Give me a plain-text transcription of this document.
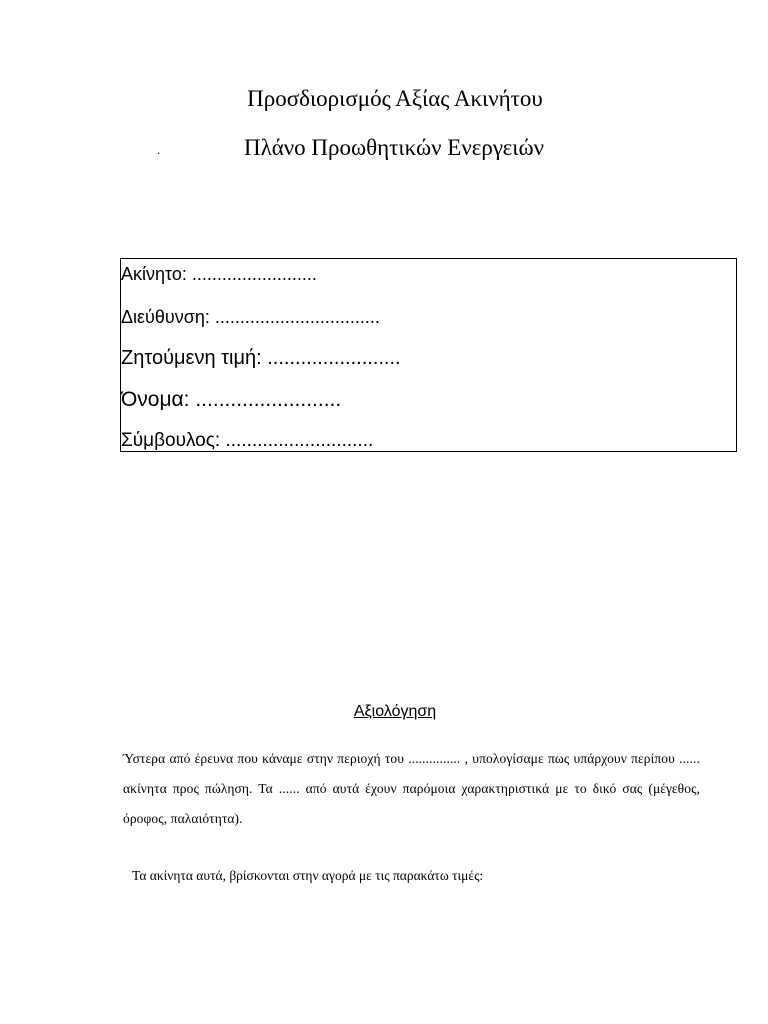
Προσδιορισμός Αξίας Ακινήτου
.	Πλάνο Προωθητικών Ενεργειών
Ακίνητο: .........................
Διεύθυνση: .................................
Ζητούμενη τιμή: ........................
Όνομα: .........................
Σύμβουλος: ............................
Αξιολόγηση
Ύστερα από έρευνα που κάναμε στην περιοχή του ............... , υπολογίσαμε πως υπάρχουν περίπου ...... ακίνητα προς πώληση. Τα ...... από αυτά έχουν παρόμοια χαρακτηριστικά με το δικό σας (μέγεθος, όροφος, παλαιότητα).
Τα ακίνητα αυτά, βρίσκονται στην αγορά με τις παρακάτω τιμές:
